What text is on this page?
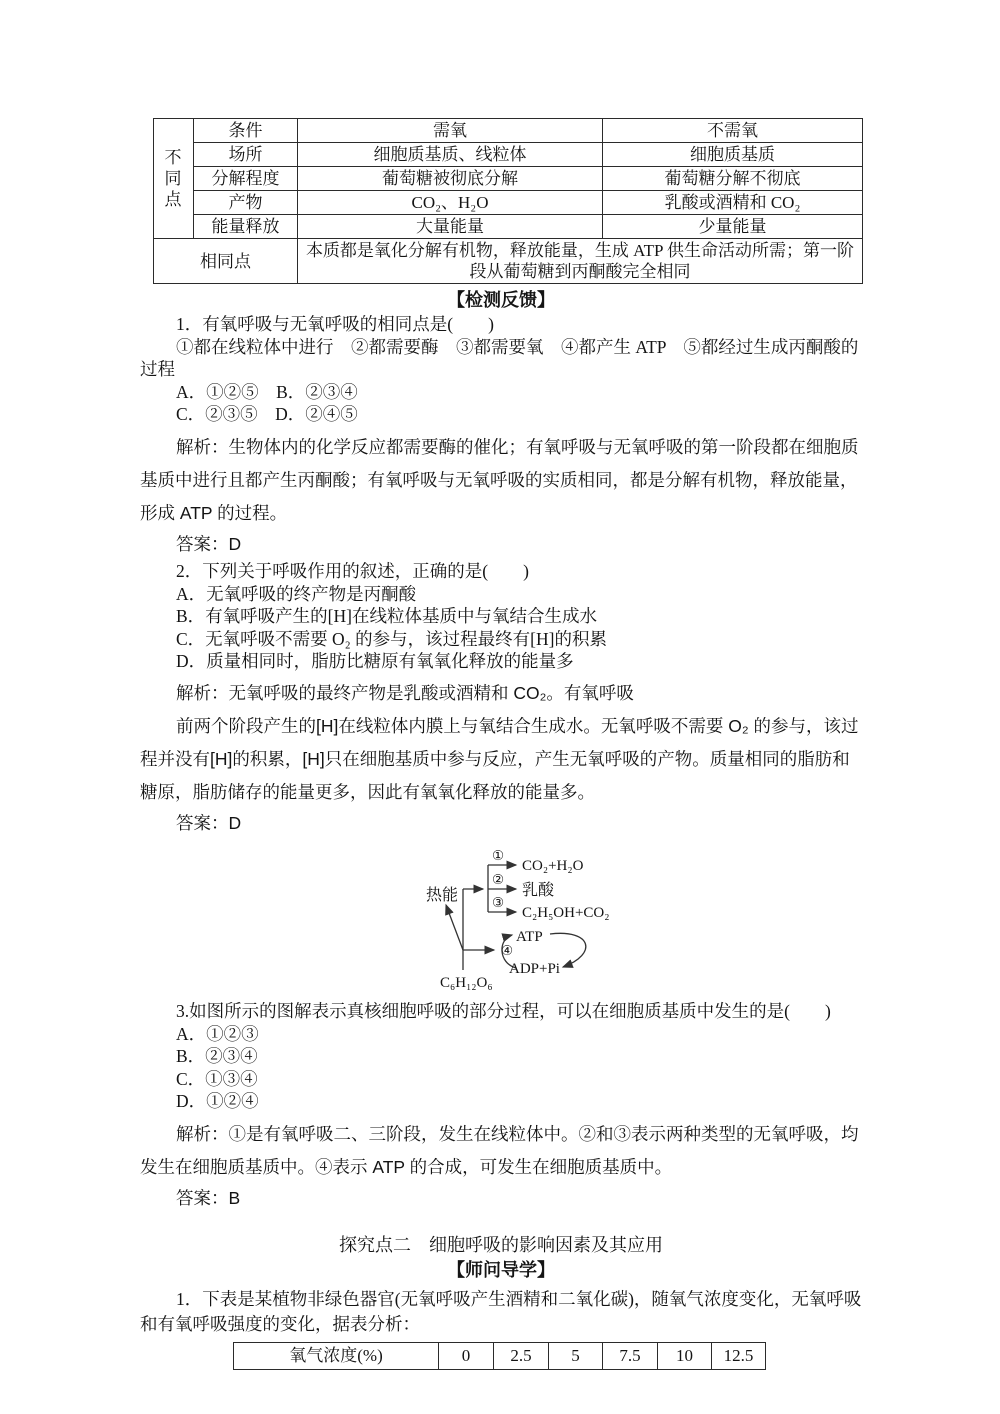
不同点	条件	需氧	不需氧
	场所	细胞质基质、线粒体	细胞质基质
	分解程度	葡萄糖被彻底分解	葡萄糖分解不彻底
	产物	CO₂、H₂O	乳酸或酒精和 CO₂
	能量释放	大量能量	少量能量
相同点		本质都是氧化分解有机物，释放能量，生成 ATP 供生命活动所需；第一阶段从葡萄糖到丙酮酸完全相同	
【检测反馈】

1．有氧呼吸与无氧呼吸的相同点是(　　)

①都在线粒体中进行　②都需要酶　③都需要氧　④都产生 ATP　⑤都经过生成丙酮酸的过程

A．①②⑤　B．②③④

C．②③⑤　D．②④⑤

解析：生物体内的化学反应都需要酶的催化；有氧呼吸与无氧呼吸的第一阶段都在细胞质基质中进行且都产生丙酮酸；有氧呼吸与无氧呼吸的实质相同，都是分解有机物，释放能量，形成 ATP 的过程。

答案：D

2．下列关于呼吸作用的叙述，正确的是(　　)

A．无氧呼吸的终产物是丙酮酸

B．有氧呼吸产生的[H]在线粒体基质中与氧结合生成水

C．无氧呼吸不需要 O₂ 的参与，该过程最终有[H]的积累

D．质量相同时，脂肪比糖原有氧氧化释放的能量多

解析：无氧呼吸的最终产物是乳酸或酒精和 CO₂。有氧呼吸

前两个阶段产生的[H]在线粒体内膜上与氧结合生成水。无氧呼吸不需要 O₂ 的参与，该过程并没有[H]的积累，[H]只在细胞基质中参与反应，产生无氧呼吸的产物。质量相同的脂肪和糖原，脂肪储存的能量更多，因此有氧氧化释放的能量多。

答案：D

热能
①
②
③
④
CO₂+H₂O
乳酸
C₂H₅OH+CO₂
ATP
ADP+Pi
C₆H₁₂O₆

3.如图所示的图解表示真核细胞呼吸的部分过程，可以在细胞质基质中发生的是(　　)

A．①②③

B．②③④

C．①③④

D．①②④

解析：①是有氧呼吸二、三阶段，发生在线粒体中。②和③表示两种类型的无氧呼吸，均发生在细胞质基质中。④表示 ATP 的合成，可发生在细胞质基质中。

答案：B

探究点二　细胞呼吸的影响因素及其应用
【师问导学】

1．下表是某植物非绿色器官(无氧呼吸产生酒精和二氧化碳)，随氧气浓度变化，无氧呼吸和有氧呼吸强度的变化，据表分析：

氧气浓度(%)	0	2.5	5	7.5	10	12.5
